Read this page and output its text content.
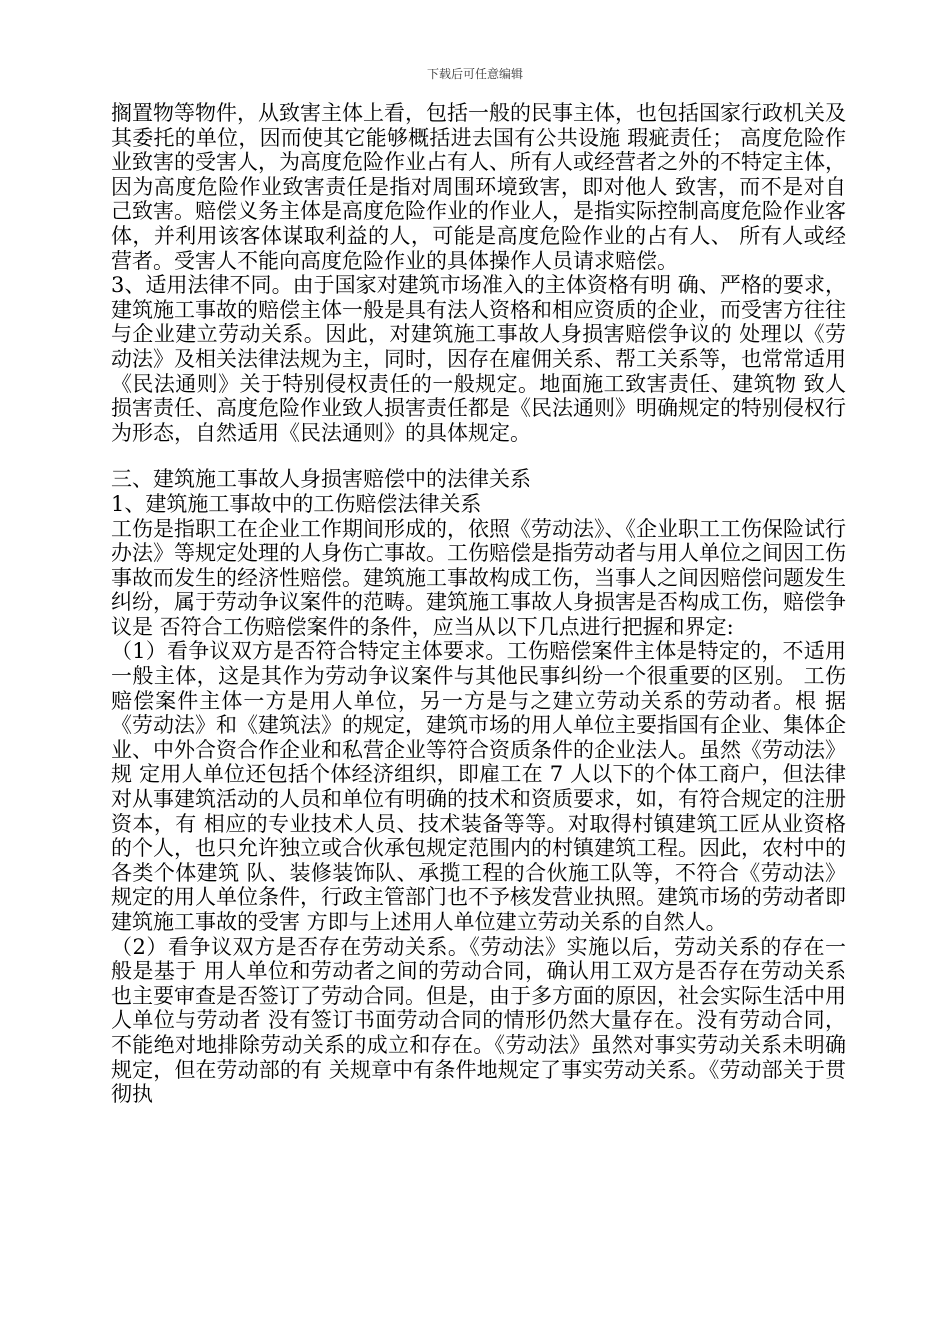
下载后可任意编辑

搁置物等物件，从致害主体上看，包括一般的民事主体，也包括国家行政机关及其委托的单位，因而使其它能够概括进去国有公共设施 瑕疵责任； 高度危险作业致害的受害人，为高度危险作业占有人、所有人或经营者之外的不特定主体，因为高度危险作业致害责任是指对周围环境致害，即对他人 致害，而不是对自己致害。赔偿义务主体是高度危险作业的作业人，是指实际控制高度危险作业客体，并利用该客体谋取利益的人，可能是高度危险作业的占有人、 所有人或经营者。受害人不能向高度危险作业的具体操作人员请求赔偿。

3、适用法律不同。由于国家对建筑市场准入的主体资格有明 确、严格的要求，建筑施工事故的赔偿主体一般是具有法人资格和相应资质的企业，而受害方往往与企业建立劳动关系。因此，对建筑施工事故人身损害赔偿争议的 处理以《劳动法》及相关法律法规为主，同时，因存在雇佣关系、帮工关系等，也常常适用《民法通则》关于特别侵权责任的一般规定。地面施工致害责任、建筑物 致人损害责任、高度危险作业致人损害责任都是《民法通则》明确规定的特别侵权行为形态，自然适用《民法通则》的具体规定。

三、建筑施工事故人身损害赔偿中的法律关系

1、建筑施工事故中的工伤赔偿法律关系

工伤是指职工在企业工作期间形成的，依照《劳动法》、《企业职工工伤保险试行办法》等规定处理的人身伤亡事故。工伤赔偿是指劳动者与用人单位之间因工伤 事故而发生的经济性赔偿。建筑施工事故构成工伤，当事人之间因赔偿问题发生纠纷，属于劳动争议案件的范畴。建筑施工事故人身损害是否构成工伤，赔偿争议是 否符合工伤赔偿案件的条件，应当从以下几点进行把握和界定:

（1）看争议双方是否符合特定主体要求。工伤赔偿案件主体是特定的，不适用一般主体，这是其作为劳动争议案件与其他民事纠纷一个很重要的区别。 工伤赔偿案件主体一方是用人单位，另一方是与之建立劳动关系的劳动者。根 据《劳动法》和《建筑法》的规定，建筑市场的用人单位主要指国有企业、集体企业、中外合资合作企业和私营企业等符合资质条件的企业法人。虽然《劳动法》规 定用人单位还包括个体经济组织，即雇工在 7 人以下的个体工商户，但法律对从事建筑活动的人员和单位有明确的技术和资质要求，如，有符合规定的注册资本，有 相应的专业技术人员、技术装备等等。对取得村镇建筑工匠从业资格的个人，也只允许独立或合伙承包规定范围内的村镇建筑工程。因此，农村中的各类个体建筑 队、装修装饰队、承揽工程的合伙施工队等，不符合《劳动法》规定的用人单位条件，行政主管部门也不予核发营业执照。建筑市场的劳动者即建筑施工事故的受害 方即与上述用人单位建立劳动关系的自然人。

（2）看争议双方是否存在劳动关系。《劳动法》实施以后，劳动关系的存在一般是基于 用人单位和劳动者之间的劳动合同，确认用工双方是否存在劳动关系也主要审查是否签订了劳动合同。但是，由于多方面的原因，社会实际生活中用人单位与劳动者 没有签订书面劳动合同的情形仍然大量存在。没有劳动合同，不能绝对地排除劳动关系的成立和存在。《劳动法》虽然对事实劳动关系未明确规定，但在劳动部的有 关规章中有条件地规定了事实劳动关系。《劳动部关于贯彻执
